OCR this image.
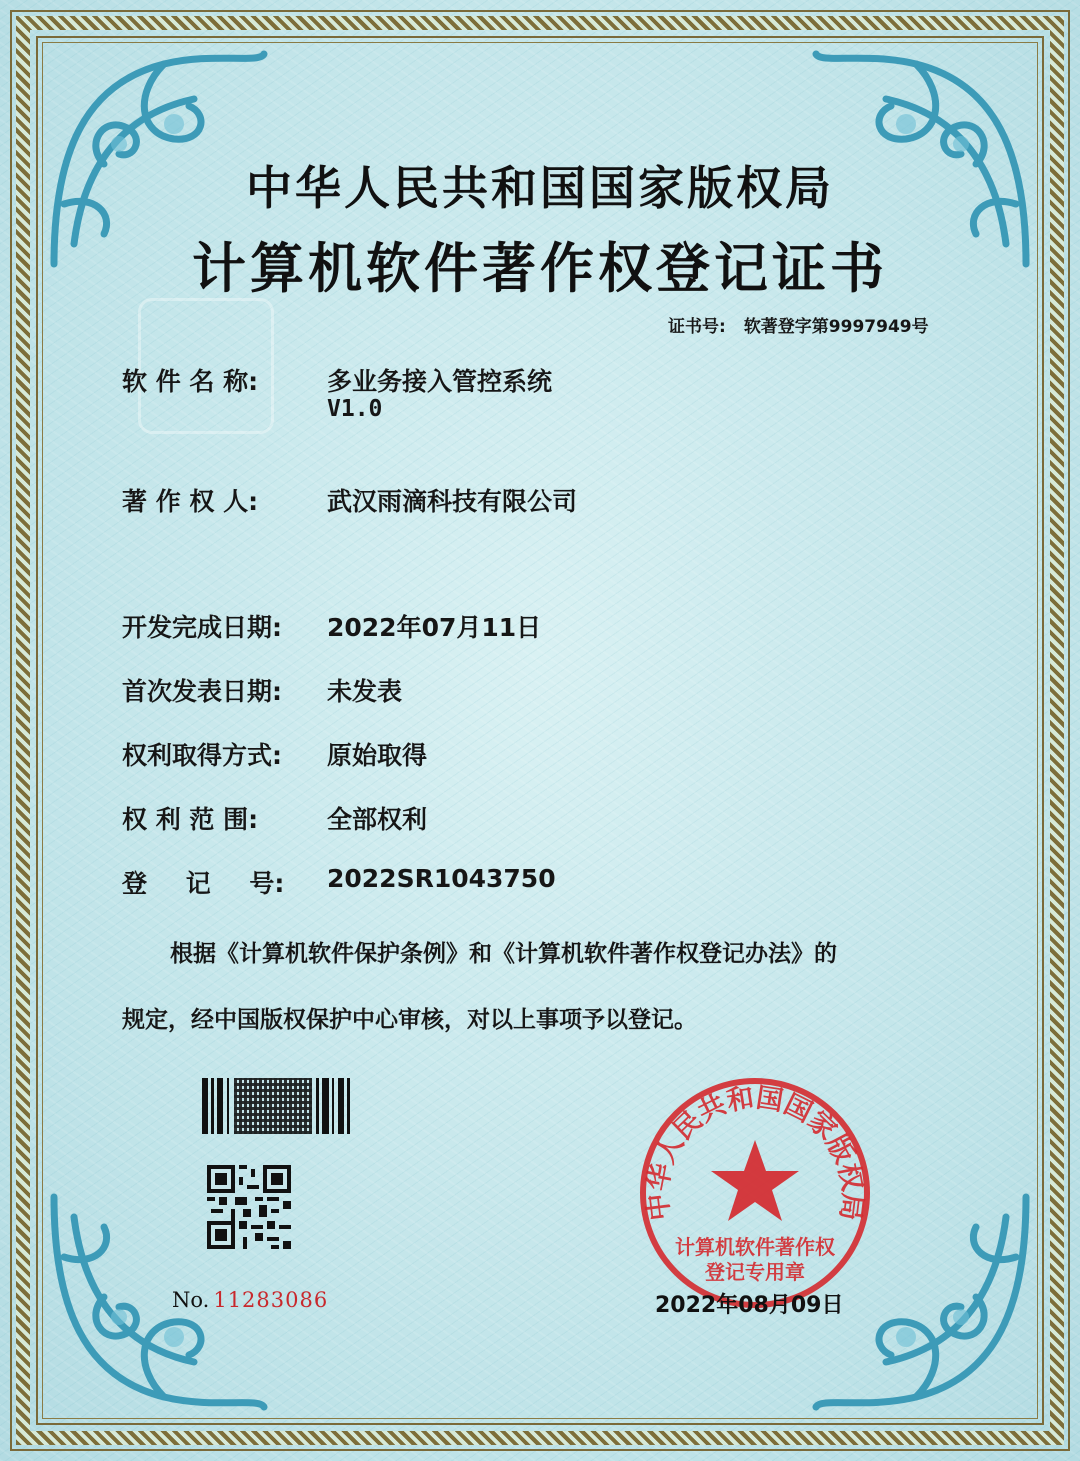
中华人民共和国国家版权局
计算机软件著作权登记证书
证书号: 软著登字第9997949号
软 件 名 称:	多业务接入管控系统
V1.0
著 作 权 人:	武汉雨滴科技有限公司
开发完成日期:	2022年07月11日
首次发表日期:	未发表
权利取得方式:	原始取得
权 利 范 围:	全部权利
登 记 号:	2022SR1043750
根据《计算机软件保护条例》和《计算机软件著作权登记办法》的
规定，经中国版权保护中心审核，对以上事项予以登记。
No. 11283086
中华人民共和国国家版权局
计算机软件著作权
登记专用章
2022年08月09日
